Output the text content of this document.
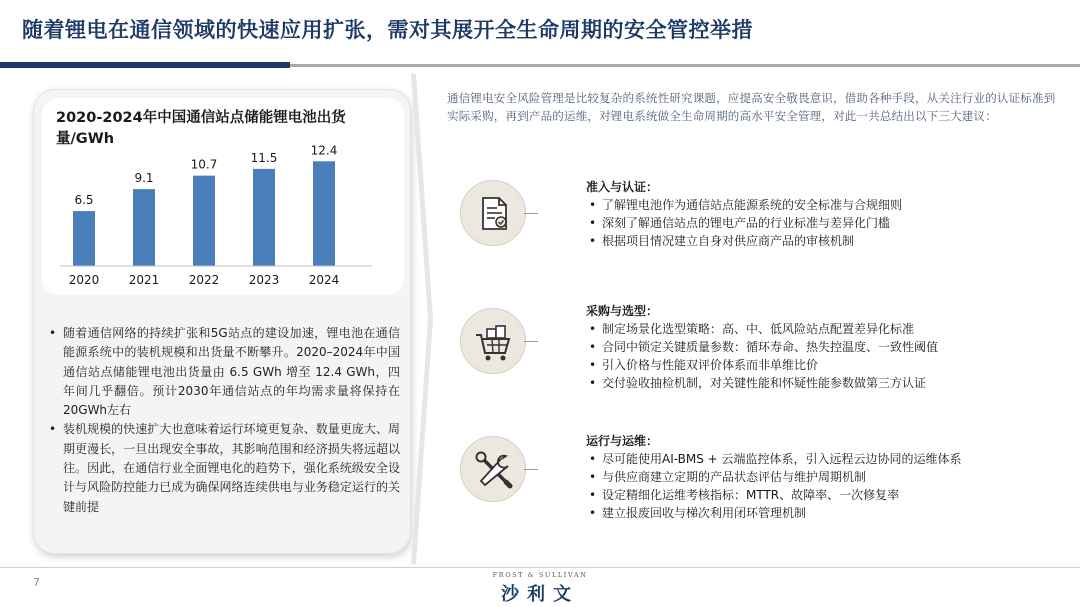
随着锂电在通信领域的快速应用扩张，需对其展开全生命周期的安全管控举措
2020-2024年中国通信站点储能锂电池出货量/GWh
6.5
9.1
10.7	11.5
12.4
2020 2021 2022 2023 2024
• 随着通信网络的持续扩张和5G站点的建设加速，锂电池在通信能源系统中的装机规模和出货量不断攀升。2020–2024年中国通信站点储能锂电池出货量由 6.5 GWh 增至 12.4 GWh，四年间几乎翻倍。预计2030年通信站点的年均需求量将保持在20GWh左右
• 装机规模的快速扩大也意味着运行环境更复杂、数量更庞大、周期更漫长，一旦出现安全事故，其影响范围和经济损失将远超以往。因此，在通信行业全面锂电化的趋势下，强化系统级安全设计与风险防控能力已成为确保网络连续供电与业务稳定运行的关键前提
通信锂电安全风险管理是比较复杂的系统性研究课题，应提高安全敬畏意识，借助各种手段，从关注行业的认证标准到实际采购，再到产品的运维，对锂电系统做全生命周期的高水平安全管理，对此一共总结出以下三大建议：
准入与认证：
• 了解锂电池作为通信站点能源系统的安全标准与合规细则
• 深刻了解通信站点的锂电产品的行业标准与差异化门槛
• 根据项目情况建立自身对供应商产品的审核机制
采购与选型：
• 制定场景化选型策略：高、中、低风险站点配置差异化标准
• 合同中锁定关键质量参数：循环寿命、热失控温度、一致性阈值
• 引入价格与性能双评价体系而非单维比价
• 交付验收抽检机制，对关键性能和怀疑性能参数做第三方认证
运行与运维：
• 尽可能使用AI-BMS + 云端监控体系，引入远程云边协同的运维体系
• 与供应商建立定期的产品状态评估与维护周期机制
• 设定精细化运维考核指标：MTTR、故障率、一次修复率
• 建立报废回收与梯次利用闭环管理机制
7
FROST & SULLIVAN
沙利文
